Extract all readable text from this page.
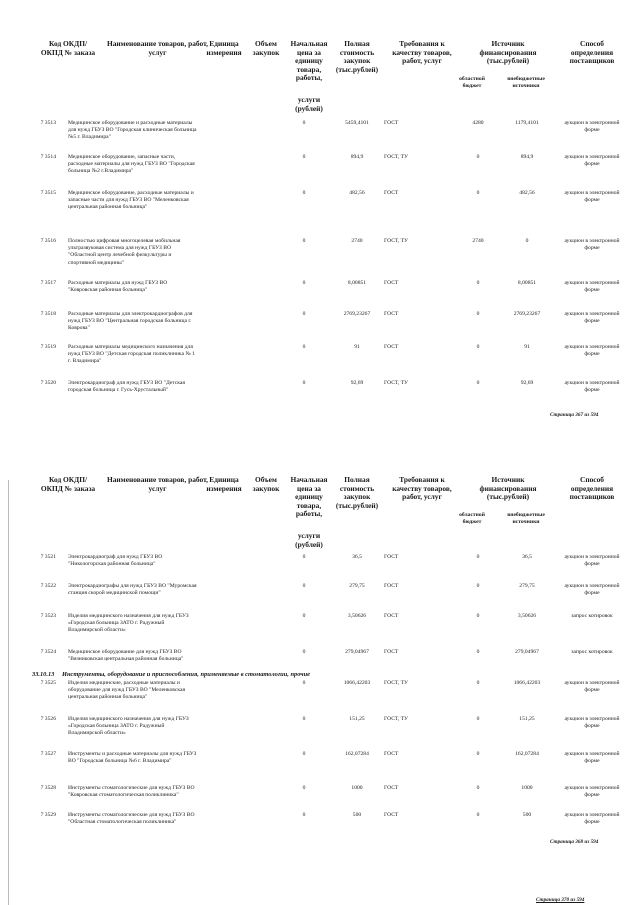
Код ОКДП/ ОКПД № заказа
Наименование товаров, работ, услуг
Единица измерения
Объем закупок
Начальная цена за единицу товара, работы,
услуги (рублей)
Полная стоимость закупок (тыс.рублей)
Требования к качеству товаров, работ, услуг
Источник финансирования (тыс.рублей)
областной бюджет
внебюджетные источники
Способ определения поставщиков
7 3513 Медицинское оборудование и расходные материалы для нужд ГБУЗ ВО "Городская клиническая больница №5 г. Владимира"
0	5459,4101	ГОСТ	4280	1179,4101	аукцион в электронной форме
7 3514 Медицинское оборудование, запасные части, расходные материалы для нужд ГБУЗ ВО "Городская больница №2 г.Владимира"
0	894,9	ГОСТ, ТУ	0	894,9	аукцион в электронной форме
7 3515 Медицинское оборудование, расходные материалы и запасные части для нужд ГБУЗ ВО "Меленковская центральная районная больница"
0	482,56	ГОСТ	0	482,56	аукцион в электронной форме
7 3516 Полностью цифровая многоцелевая мобильная ультразвуковая система для нужд ГБУЗ ВО "Областной центр лечебной физкультуры и спортивной медицины"
0	2740	ГОСТ, ТУ	2740	0	аукцион в электронной форме
7 3517 Расходные материалы для нужд ГБУЗ ВО "Ковровская районная больница"
0	8,00851	ГОСТ	0	8,00851	аукцион в электронной форме
7 3518 Расходные материалы для электрокардиографов для нужд ГБУЗ ВО "Центральная городская больница г. Коврова"
0	2769,23267	ГОСТ	0	2769,23267	аукцион в электронной форме
7 3519 Расходные материалы медицинского назначения для нужд ГБУЗ ВО "Детская городская поликлиника № 1 г. Владимира"
0	91	ГОСТ	0	91	аукцион в электронной форме
7 3520 Электрокардиограф для нужд ГБУЗ ВО "Детская городская больница г. Гусь-Хрустальный"
0	92,69	ГОСТ, ТУ	0	92,69	аукцион в электронной форме
Страница 367 из 594
Код ОКДП/ ОКПД № заказа
Наименование товаров, работ, услуг
Единица измерения
Объем закупок
Начальная цена за единицу товара, работы,
услуги (рублей)
Полная стоимость закупок (тыс.рублей)
Требования к качеству товаров, работ, услуг
Источник финансирования (тыс.рублей)
областной бюджет
внебюджетные источники
Способ определения поставщиков
7 3521 Электрокардиограф для нужд ГБУЗ ВО "Никологорская районная больница"
0	36,5	ГОСТ	0	36,5	аукцион в электронной форме
7 3522 Электрокардиографы для нужд ГБУЗ ВО "Муромская станция скорой медицинской помощи"
0	279,75	ГОСТ	0	279,75	аукцион в электронной форме
7 3523 Изделия медицинского назначения для нужд ГБУЗ «Городская больница ЗАТО г. Радужный Владимирской области»
0	3,50626	ГОСТ	0	3,50626	запрос котировок
7 3524 Медицинское оборудование для нужд ГБУЗ ВО "Вязниковская центральная районная больница"
0	279,04967	ГОСТ	0	279,04967	запрос котировок
33.10.13 Инструменты, оборудование и приспособления, применяемые в стоматологии, прочие
7 3525 Изделия медицинские, расходные материалы и оборудование для нужд ГБУЗ ВО "Меленковская центральная районная больница"
0	1066,42203	ГОСТ, ТУ	0	1066,42203	аукцион в электронной форме
7 3526 Изделия медицинского назначения для нужд ГБУЗ «Городская больница ЗАТО г. Радужный Владимирской области»
0	151,25	ГОСТ, ТУ	0	151,25	аукцион в электронной форме
7 3527 Инструменты и расходные материалы для нужд ГБУЗ ВО "Городская больница №6 г. Владимира"
0	162,07284	ГОСТ	0	162,07284	аукцион в электронной форме
7 3528 Инструменты стоматологические для нужд ГБУЗ ВО "Ковровская стоматологическая поликлиника"
0	1000	ГОСТ	0	1000	аукцион в электронной форме
7 3529 Инструменты стоматологические для нужд ГБУЗ ВО "Областная стоматологическая поликлиника"
0	500	ГОСТ	0	500	аукцион в электронной форме
Страница 368 из 594
Страница 370 из 594
